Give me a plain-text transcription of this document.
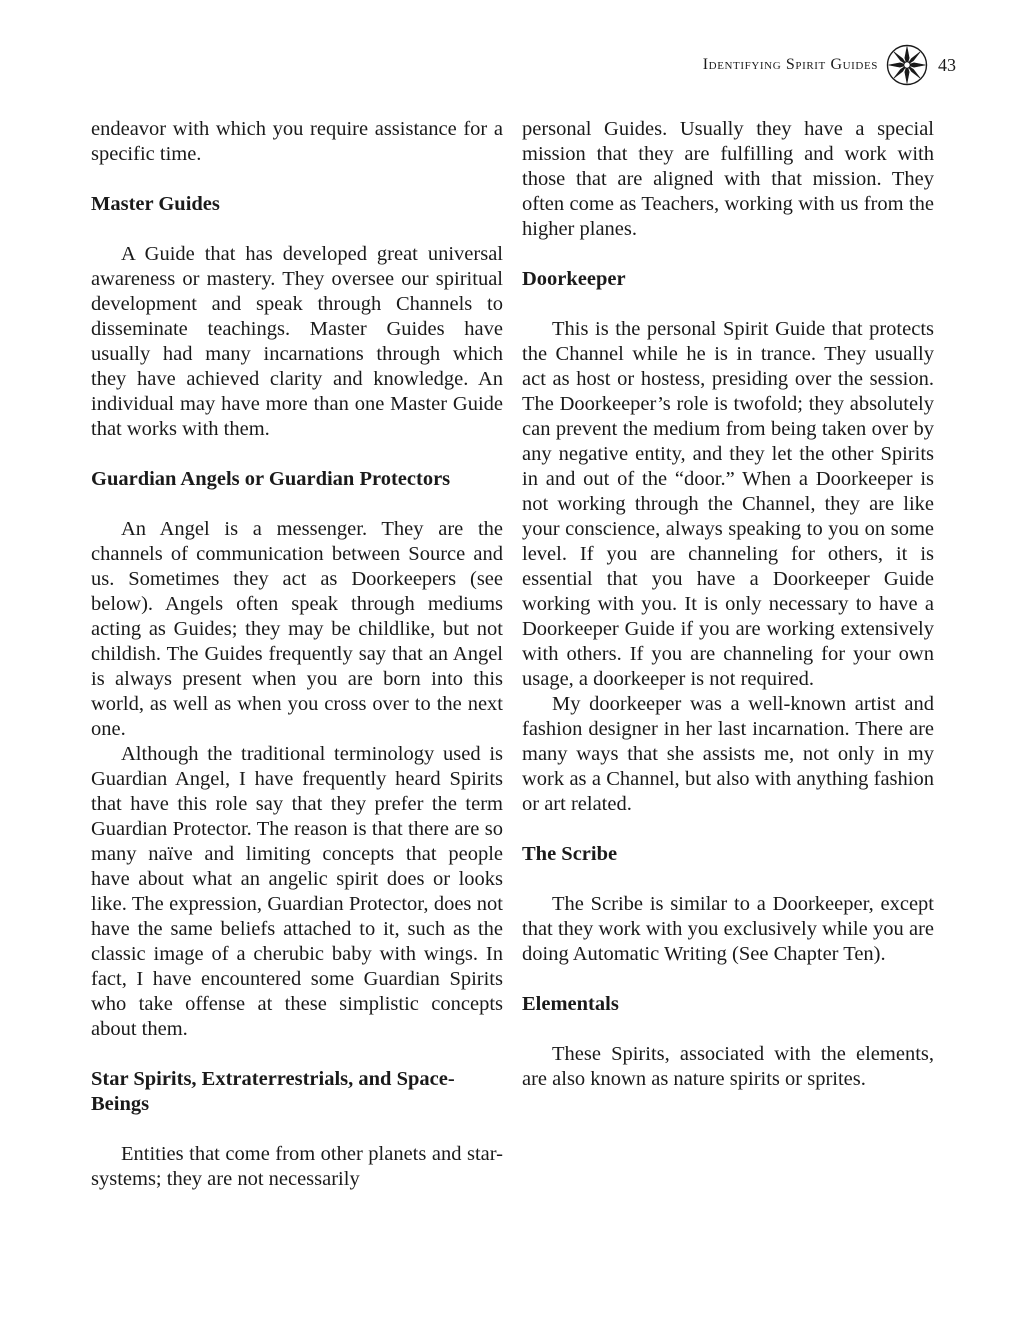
Identifying Spirit Guides	43

endeavor with which you require assistance for a specific time.

Master Guides

A Guide that has developed great universal awareness or mastery. They oversee our spiritual development and speak through Channels to disseminate teachings. Master Guides have usually had many incarnations through which they have achieved clarity and knowledge. An individual may have more than one Master Guide that works with them.

Guardian Angels or Guardian Protectors

An Angel is a messenger. They are the channels of communication between Source and us. Sometimes they act as Doorkeepers (see below). Angels often speak through mediums acting as Guides; they may be childlike, but not childish. The Guides frequently say that an Angel is always present when you are born into this world, as well as when you cross over to the next one.

Although the traditional terminology used is Guardian Angel, I have frequently heard Spirits that have this role say that they prefer the term Guardian Protector. The reason is that there are so many naïve and limiting concepts that people have about what an angelic spirit does or looks like. The expression, Guardian Protector, does not have the same beliefs attached to it, such as the classic image of a cherubic baby with wings. In fact, I have encountered some Guardian Spirits who take offense at these simplistic concepts about them.

Star Spirits, Extraterrestrials, and Space-Beings

Entities that come from other planets and star-systems; they are not necessarily

personal Guides. Usually they have a special mission that they are fulfilling and work with those that are aligned with that mission. They often come as Teachers, working with us from the higher planes.

Doorkeeper

This is the personal Spirit Guide that protects the Channel while he is in trance. They usually act as host or hostess, presiding over the session. The Doorkeeper’s role is twofold; they absolutely can prevent the medium from being taken over by any negative entity, and they let the other Spirits in and out of the “door.” When a Doorkeeper is not working through the Channel, they are like your conscience, always speaking to you on some level. If you are channeling for others, it is essential that you have a Doorkeeper Guide working with you. It is only necessary to have a Doorkeeper Guide if you are working extensively with others. If you are channeling for your own usage, a doorkeeper is not required.

My doorkeeper was a well-known artist and fashion designer in her last incarnation. There are many ways that she assists me, not only in my work as a Channel, but also with anything fashion or art related.

The Scribe

The Scribe is similar to a Doorkeeper, except that they work with you exclusively while you are doing Automatic Writing (See Chapter Ten).

Elementals

These Spirits, associated with the elements, are also known as nature spirits or sprites.
